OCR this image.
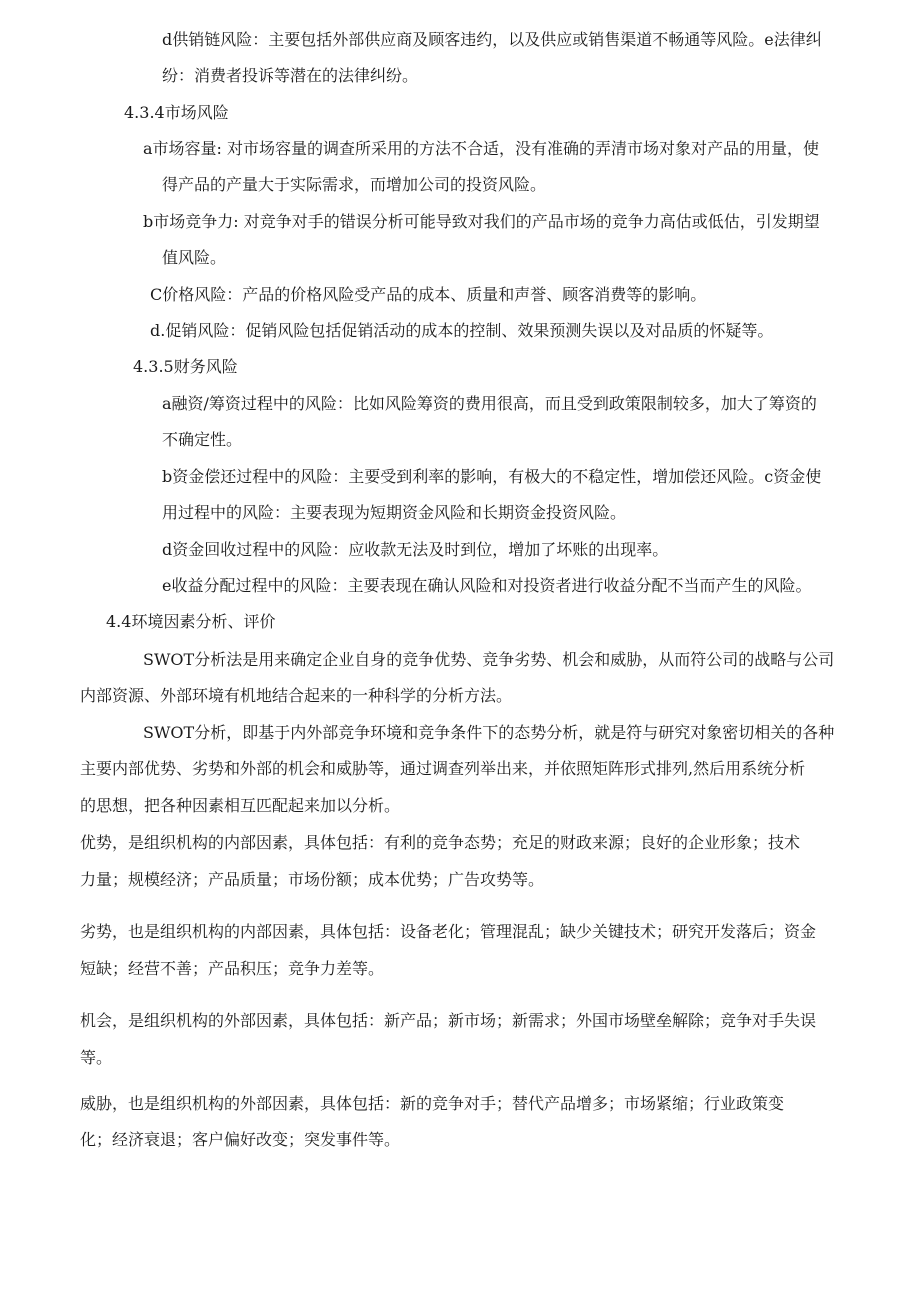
d供销链风险：主要包括外部供应商及顾客违约，以及供应或销售渠道不畅通等风险。e法律纠

纷：消费者投诉等潜在的法律纠纷。

4.3.4市场风险

a市场容量: 对市场容量的调查所采用的方法不合适，没有准确的弄清市场对象对产品的用量，使

得产品的产量大于实际需求，而增加公司的投资风险。

b市场竞争力: 对竞争对手的错误分析可能导致对我们的产品市场的竞争力高估或低估，引发期望

值风险。

C价格风险：产品的价格风险受产品的成本、质量和声誉、顾客消费等的影响。

d.促销风险：促销风险包括促销活动的成本的控制、效果预测失误以及对品质的怀疑等。

4.3.5财务风险

a融资/筹资过程中的风险：比如风险筹资的费用很高，而且受到政策限制较多，加大了筹资的

不确定性。

b资金偿还过程中的风险：主要受到利率的影响，有极大的不稳定性，增加偿还风险。c资金使

用过程中的风险：主要表现为短期资金风险和长期资金投资风险。

d资金回收过程中的风险：应收款无法及时到位，增加了坏账的出现率。

e收益分配过程中的风险：主要表现在确认风险和对投资者进行收益分配不当而产生的风险。

4.4环境因素分析、评价

SWOT分析法是用来确定企业自身的竞争优势、竞争劣势、机会和威胁，从而符公司的战略与公司

内部资源、外部环境有机地结合起来的一种科学的分析方法。

SWOT分析，即基于内外部竞争环境和竞争条件下的态势分析，就是符与研究对象密切相关的各种

主要内部优势、劣势和外部的机会和威胁等，通过调查列举出来，并依照矩阵形式排列,然后用系统分析

的思想，把各种因素相互匹配起来加以分析。

优势，是组织机构的内部因素，具体包括：有利的竞争态势；充足的财政来源；良好的企业形象；技术

力量；规模经济；产品质量；市场份额；成本优势；广告攻势等。

劣势，也是组织机构的内部因素，具体包括：设备老化；管理混乱；缺少关键技术；研究开发落后；资金

短缺；经营不善；产品积压；竞争力差等。

机会，是组织机构的外部因素，具体包括：新产品；新市场；新需求；外国市场壁垒解除；竞争对手失误

等。

威胁，也是组织机构的外部因素，具体包括：新的竞争对手；替代产品增多；市场紧缩；行业政策变

化；经济衰退；客户偏好改变；突发事件等。
